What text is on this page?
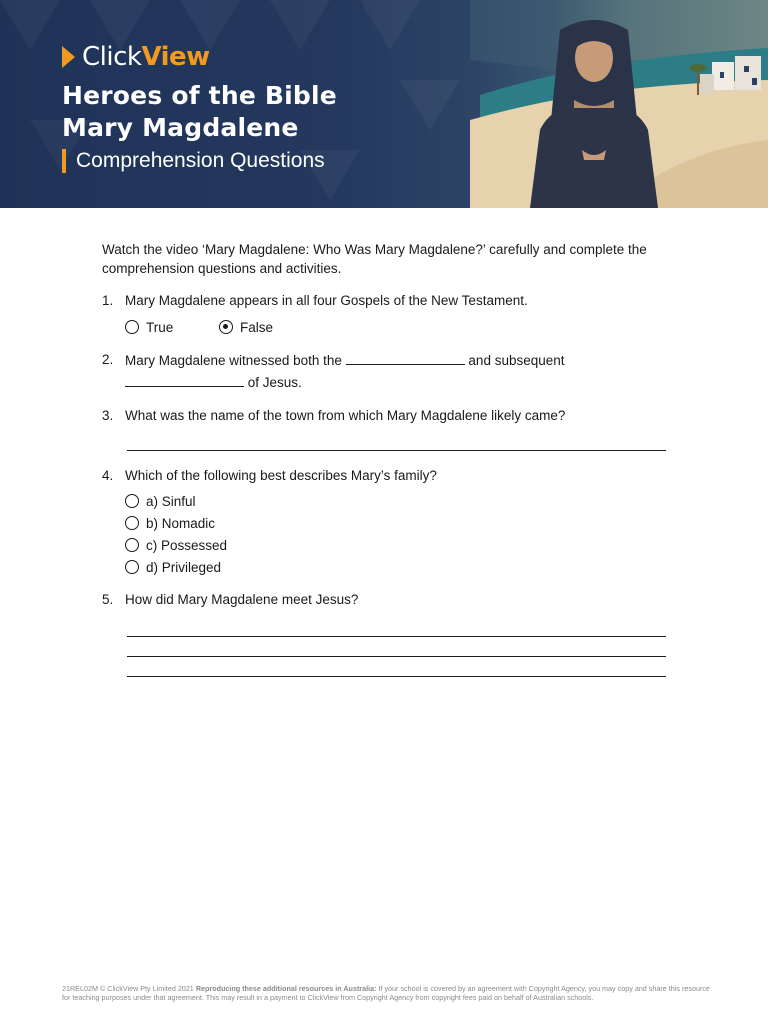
ClickView
Heroes of the Bible
Mary Magdalene
Comprehension Questions

Watch the video ‘Mary Magdalene: Who Was Mary Magdalene?’ carefully and complete the comprehension questions and activities.

1. Mary Magdalene appears in all four Gospels of the New Testament.
True	False
2. Mary Magdalene witnessed both the	and subsequent
of Jesus.
3. What was the name of the town from which Mary Magdalene likely came?
4. Which of the following best describes Mary’s family?
a) Sinful
b) Nomadic
c) Possessed
d) Privileged
5. How did Mary Magdalene meet Jesus?
21REL02M © ClickView Pty Limited 2021 Reproducing these additional resources in Australia: If your school is covered by an agreement with Copyright Agency, you may copy and share this resource for teaching purposes under that agreement. This may result in a payment to ClickView from Copyright Agency from copyright fees paid on behalf of Australian schools.
